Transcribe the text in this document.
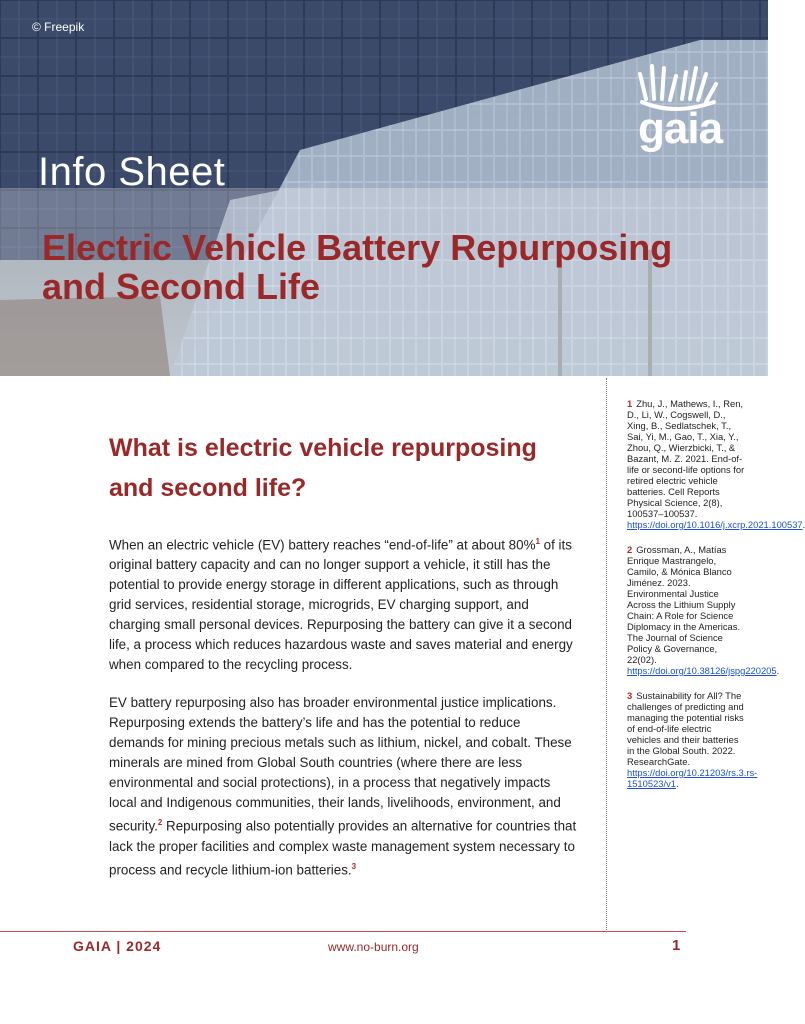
© Freepik
gaia
Info Sheet
Electric Vehicle Battery Repurposing and Second Life
What is electric vehicle repurposing and second life?

When an electric vehicle (EV) battery reaches “end-of-life” at about 80%$^1$ of its original battery capacity and can no longer support a vehicle, it still has the potential to provide energy storage in different applications, such as through grid services, residential storage, microgrids, EV charging support, and charging small personal devices. Repurposing the battery can give it a second life, a process which reduces hazardous waste and saves material and energy when compared to the recycling process.

EV battery repurposing also has broader environmental justice implications. Repurposing extends the battery’s life and has the potential to reduce demands for mining precious metals such as lithium, nickel, and cobalt. These minerals are mined from Global South countries (where there are less environmental and social protections), in a process that negatively impacts local and Indigenous communities, their lands, livelihoods, environment, and security.$^2$ Repurposing also potentially provides an alternative for countries that lack the proper facilities and complex waste management system necessary to process and recycle lithium-ion batteries.$^3$

1 Zhu, J., Mathews, I., Ren, D., Li, W., Cogswell, D., Xing, B., Sedlatschek, T., Sai, Yi, M., Gao, T., Xia, Y., Zhou, Q., Wierzbicki, T., & Bazant, M. Z. 2021. End-of-life or second-life options for retired electric vehicle batteries. Cell Reports Physical Science, 2(8), 100537–100537. https://doi.org/10.1016/j.xcrp.2021.100537
2 Grossman, A., Matías Enrique Mastrangelo, Camilo, & Mónica Blanco Jiménez. 2023. Environmental Justice Across the Lithium Supply Chain: A Role for Science Diplomacy in the Americas. The Journal of Science Policy & Governance, 22(02). https://doi.org/10.38126/jspg220205.
3 Sustainability for All? The challenges of predicting and managing the potential risks of end-of-life electric vehicles and their batteries in the Global South. 2022. ResearchGate. https://doi.org/10.21203/rs.3.rs-1510523/v1.
GAIA | 2024	www.no-burn.org	1
